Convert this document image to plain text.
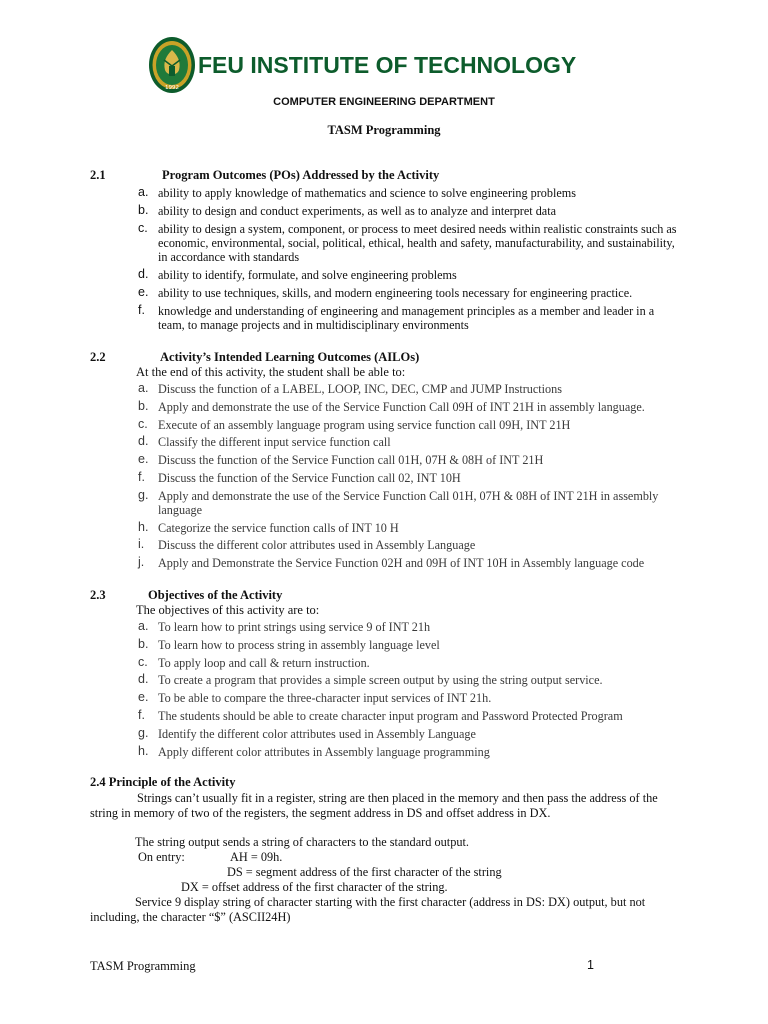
1992
FEU INSTITUTE OF TECHNOLOGY
COMPUTER ENGINEERING DEPARTMENT
TASM Programming
2.1	Program Outcomes (POs) Addressed by the Activity
a. ability to apply knowledge of mathematics and science to solve engineering problems
b. ability to design and conduct experiments, as well as to analyze and interpret data
c. ability to design a system, component, or process to meet desired needs within realistic constraints such as economic, environmental, social, political, ethical, health and safety, manufacturability, and sustainability, in accordance with standards
d. ability to identify, formulate, and solve engineering problems
e. ability to use techniques, skills, and modern engineering tools necessary for engineering practice.
f. knowledge and understanding of engineering and management principles as a member and leader in a team, to manage projects and in multidisciplinary environments
2.2	Activity’s Intended Learning Outcomes (AILOs)
At the end of this activity, the student shall be able to:
a. Discuss the function of a LABEL, LOOP, INC, DEC, CMP and JUMP Instructions
b. Apply and demonstrate the use of the Service Function Call 09H of INT 21H in assembly language.
c. Execute of an assembly language program using service function call 09H, INT 21H
d. Classify the different input service function call
e. Discuss the function of the Service Function call 01H, 07H & 08H of INT 21H
f. Discuss the function of the Service Function call 02, INT 10H
g. Apply and demonstrate the use of the Service Function Call 01H, 07H & 08H of INT 21H in assembly language
h. Categorize the service function calls of INT 10 H
i. Discuss the different color attributes used in Assembly Language
j. Apply and Demonstrate the Service Function 02H and 09H of INT 10H in Assembly language code
2.3	Objectives of the Activity
The objectives of this activity are to:
a. To learn how to print strings using service 9 of INT 21h
b. To learn how to process string in assembly language level
c. To apply loop and call & return instruction.
d. To create a program that provides a simple screen output by using the string output service.
e. To be able to compare the three-character input services of INT 21h.
f. The students should be able to create character input program and Password Protected Program
g. Identify the different color attributes used in Assembly Language
h. Apply different color attributes in Assembly language programming
2.4 Principle of the Activity
Strings can’t usually fit in a register, string are then placed in the memory and then pass the address of the
string in memory of two of the registers, the segment address in DS and offset address in DX.
The string output sends a string of characters to the standard output.
On entry:	AH = 09h.
DS = segment address of the first character of the string
DX = offset address of the first character of the string.
Service 9 display string of character starting with the first character (address in DS: DX) output, but not
including, the character “$” (ASCII24H)
TASM Programming	1
